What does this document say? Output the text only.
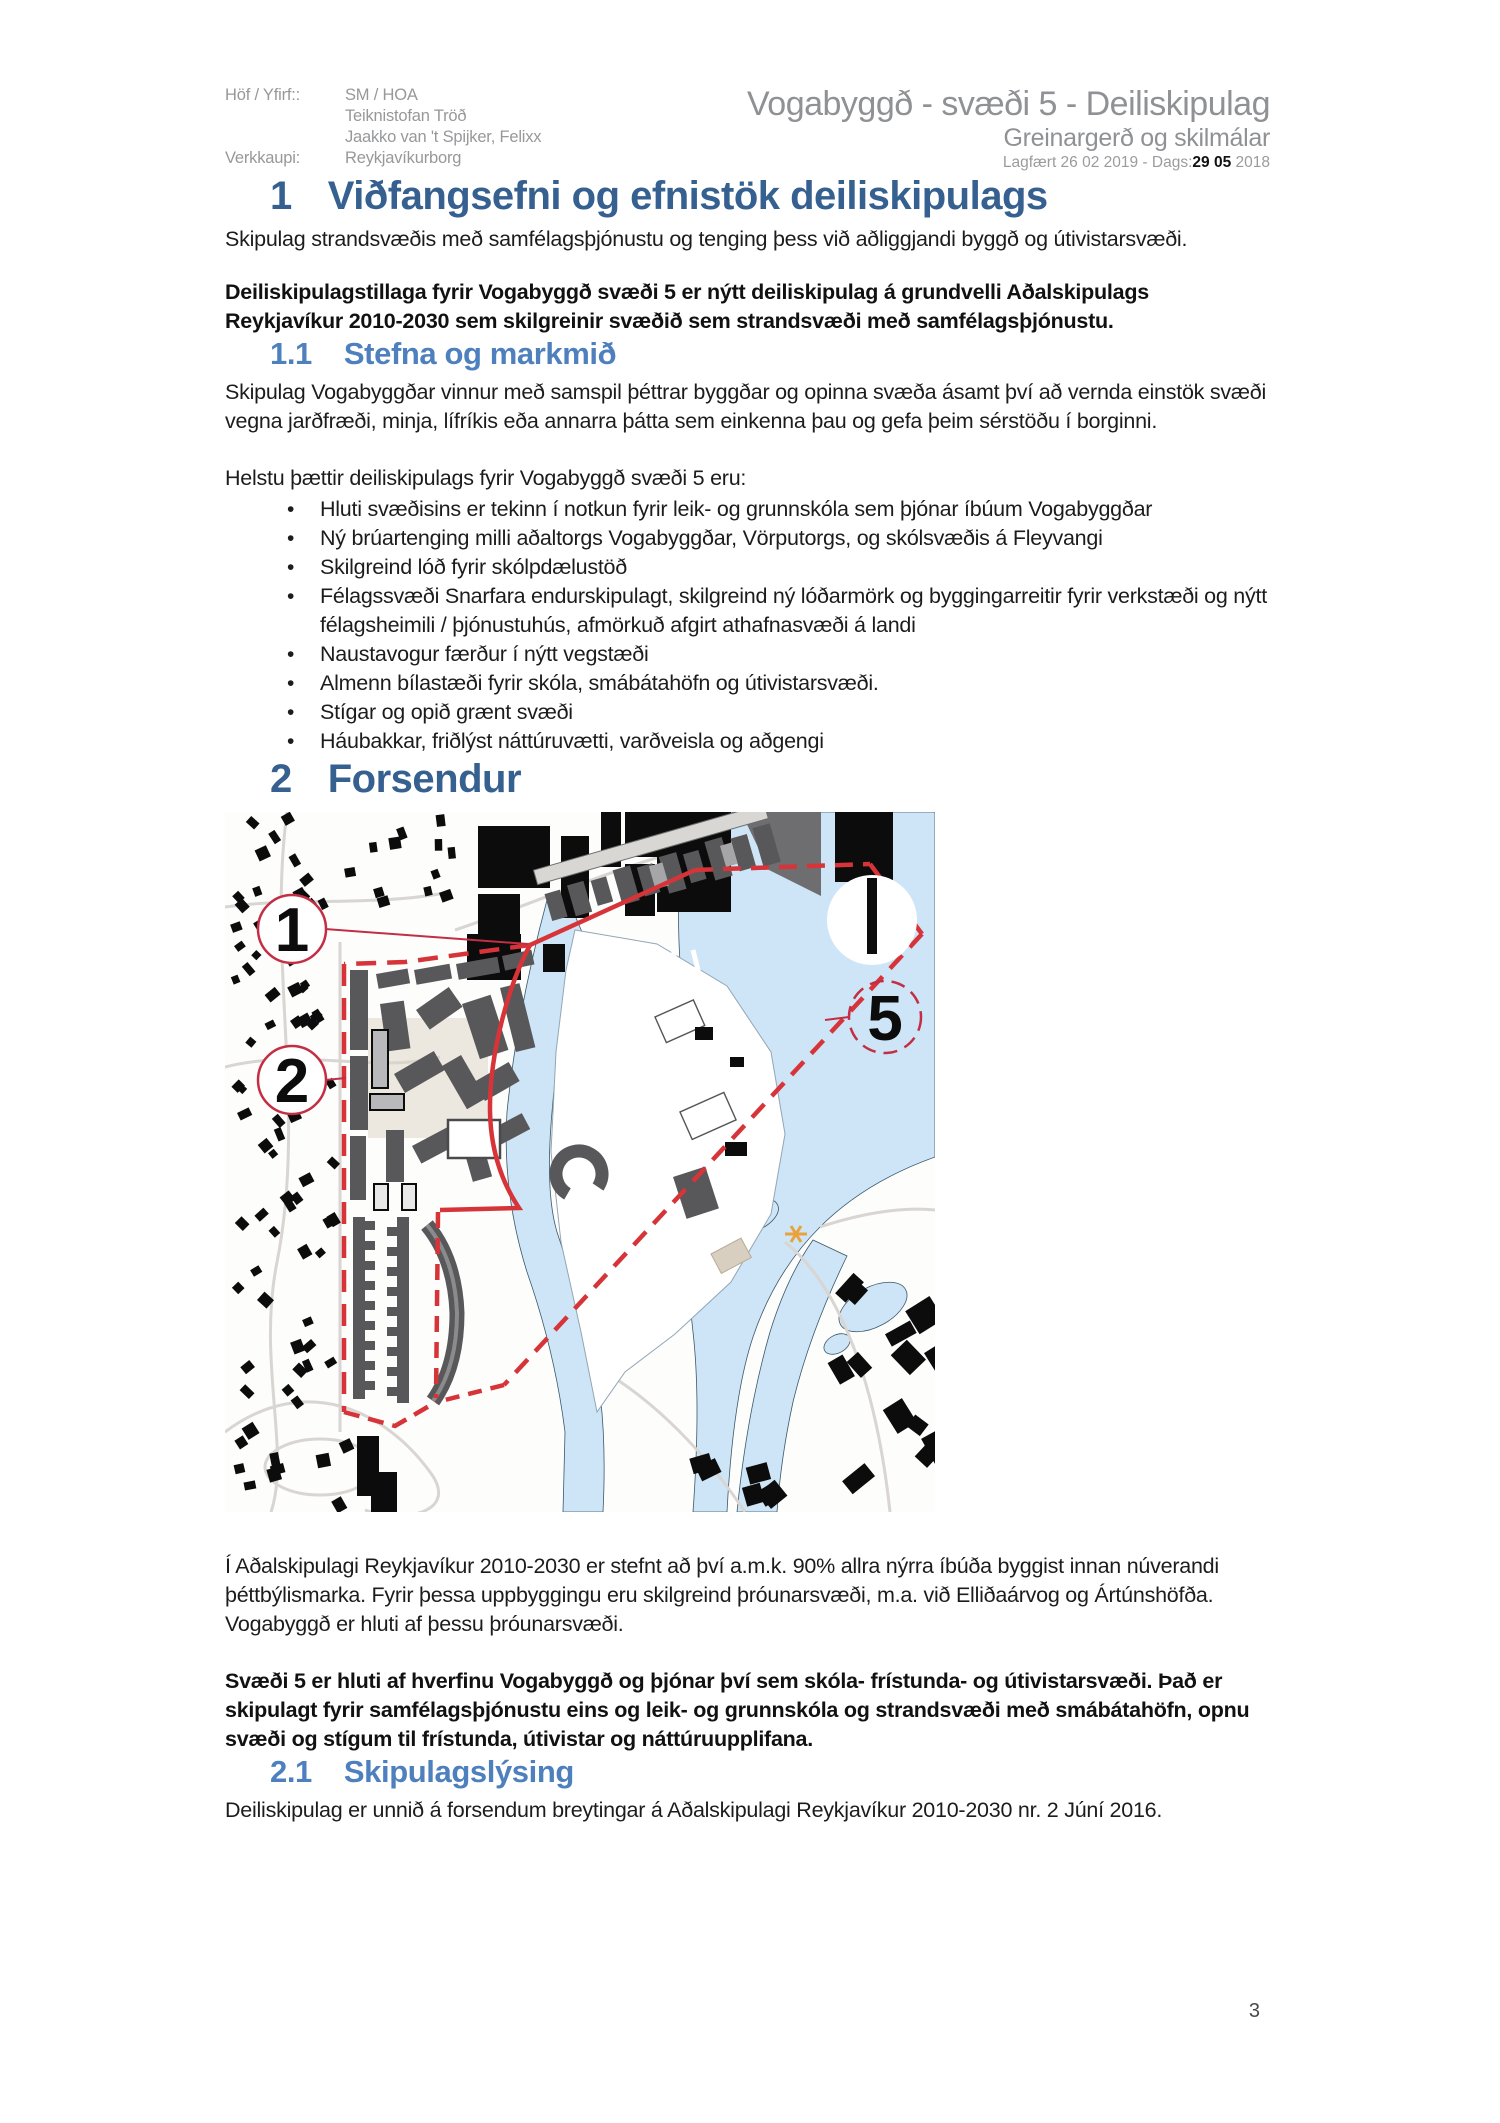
Höf / Yfirf::	SM / HOA
Teiknistofan Tröð
Jaakko van 't Spijker, Felixx
Verkkaupi:	Reykjavíkurborg
Vogabyggð - svæði 5 - Deiliskipulag
Greinargerð og skilmálar
Lagfært 26 02 2019 - Dags:29 05 2018
1 Viðfangsefni og efnistök deiliskipulags

Skipulag strandsvæðis með samfélagsþjónustu og tenging þess við aðliggjandi byggð og útivistarsvæði.

Deiliskipulagstillaga fyrir Vogabyggð svæði 5 er nýtt deiliskipulag á grundvelli Aðalskipulags Reykjavíkur 2010-2030 sem skilgreinir svæðið sem strandsvæði með samfélagsþjónustu.

1.1 Stefna og markmið

Skipulag Vogabyggðar vinnur með samspil þéttrar byggðar og opinna svæða ásamt því að vernda einstök svæði vegna jarðfræði, minja, lífríkis eða annarra þátta sem einkenna þau og gefa þeim sérstöðu í borginni.

Helstu þættir deiliskipulags fyrir Vogabyggð svæði 5 eru:

• Hluti svæðisins er tekinn í notkun fyrir leik- og grunnskóla sem þjónar íbúum Vogabyggðar
• Ný brúartenging milli aðaltorgs Vogabyggðar, Vörputorgs, og skólsvæðis á Fleyvangi
• Skilgreind lóð fyrir skólpdælustöð
• Félagssvæði Snarfara endurskipulagt, skilgreind ný lóðarmörk og byggingarreitir fyrir verkstæði og nýtt félagsheimili / þjónustuhús, afmörkuð afgirt athafnasvæði á landi
• Naustavogur færður í nýtt vegstæði
• Almenn bílastæði fyrir skóla, smábátahöfn og útivistarsvæði.
• Stígar og opið grænt svæði
• Háubakkar, friðlýst náttúruvætti, varðveisla og aðgengi
2 Forsendur
1
2
5
N

Í Aðalskipulagi Reykjavíkur 2010-2030 er stefnt að því a.m.k. 90% allra nýrra íbúða byggist innan núverandi þéttbýlismarka. Fyrir þessa uppbyggingu eru skilgreind þróunarsvæði, m.a. við Elliðaárvog og Ártúnshöfða. Vogabyggð er hluti af þessu þróunarsvæði.

Svæði 5 er hluti af hverfinu Vogabyggð og þjónar því sem skóla- frístunda- og útivistarsvæði. Það er skipulagt fyrir samfélagsþjónustu eins og leik- og grunnskóla og strandsvæði með smábátahöfn, opnu svæði og stígum til frístunda, útivistar og náttúruupplifana.

2.1 Skipulagslýsing

Deiliskipulag er unnið á forsendum breytingar á Aðalskipulagi Reykjavíkur 2010-2030 nr. 2 Júní 2016.

3
